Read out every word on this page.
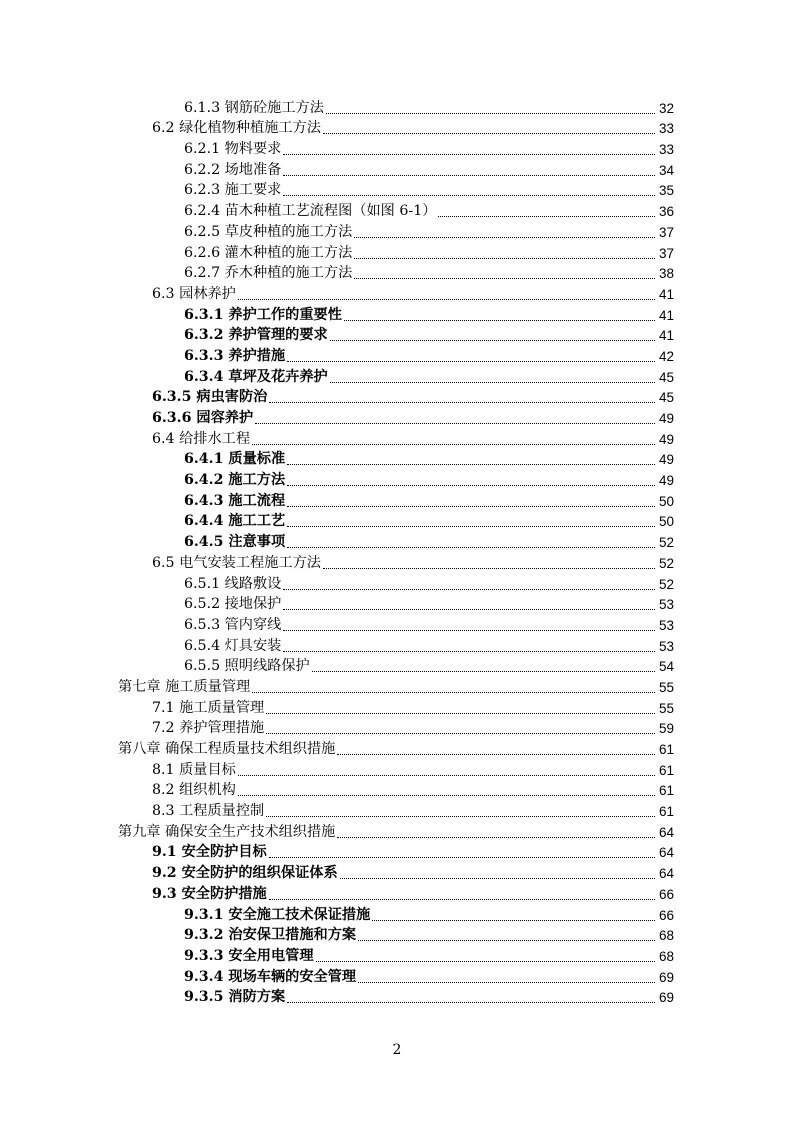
6.1.3 钢筋砼施工方法	32
6.2 绿化植物种植施工方法	33
6.2.1 物料要求	33
6.2.2 场地准备	34
6.2.3 施工要求	35
6.2.4 苗木种植工艺流程图（如图 6-1）	36
6.2.5 草皮种植的施工方法	37
6.2.6 灌木种植的施工方法	37
6.2.7 乔木种植的施工方法	38
6.3 园林养护	41
6.3.1 养护工作的重要性	41
6.3.2 养护管理的要求	41
6.3.3 养护措施	42
6.3.4 草坪及花卉养护	45
6.3.5 病虫害防治	45
6.3.6 园容养护	49
6.4 给排水工程	49
6.4.1 质量标准	49
6.4.2 施工方法	49
6.4.3 施工流程	50
6.4.4 施工工艺	50
6.4.5 注意事项	52
6.5 电气安装工程施工方法	52
6.5.1 线路敷设	52
6.5.2 接地保护	53
6.5.3 管内穿线	53
6.5.4 灯具安装	53
6.5.5 照明线路保护	54
第七章 施工质量管理	55
7.1 施工质量管理	55
7.2 养护管理措施	59
第八章 确保工程质量技术组织措施	61
8.1 质量目标	61
8.2 组织机构	61
8.3 工程质量控制	61
第九章 确保安全生产技术组织措施	64
9.1 安全防护目标	64
9.2 安全防护的组织保证体系	64
9.3 安全防护措施	66
9.3.1 安全施工技术保证措施	66
9.3.2 治安保卫措施和方案	68
9.3.3 安全用电管理	68
9.3.4 现场车辆的安全管理	69
9.3.5 消防方案	69
2
